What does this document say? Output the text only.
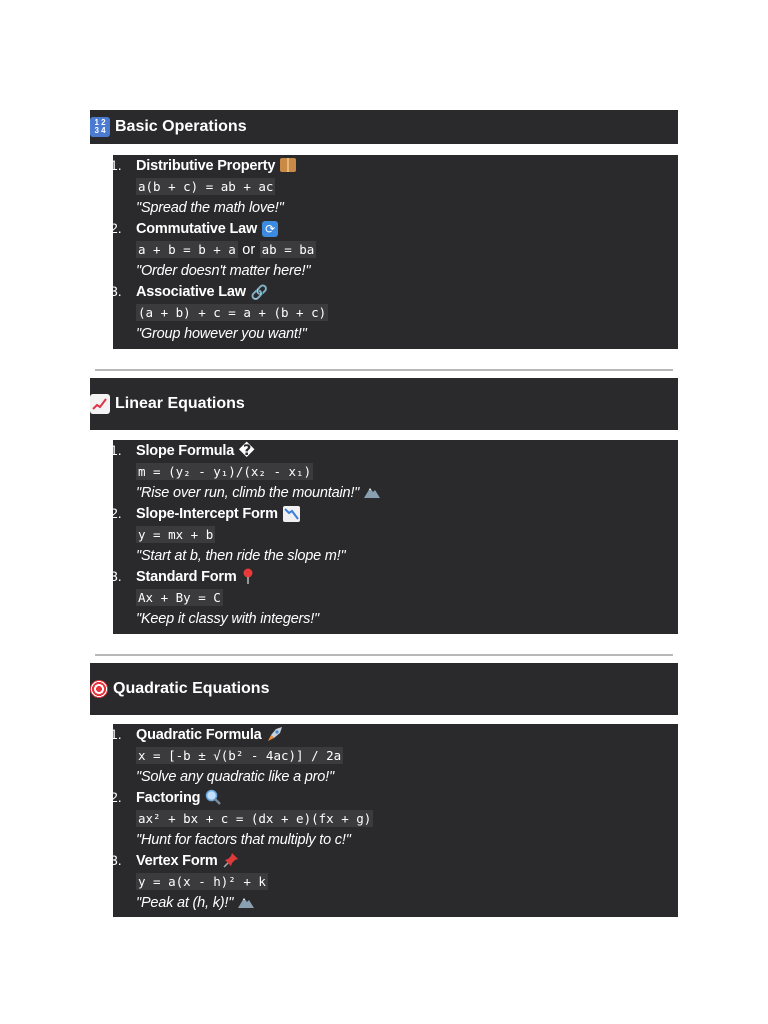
1 2
3 4 Basic Operations
1. Distributive Property
a(b + c) = ab + ac
"Spread the math love!"
2. Commutative Law ⟳
a + b = b + a or ab = ba
"Order doesn't matter here!"
3. Associative Law 🔗
(a + b) + c = a + (b + c)
"Group however you want!"
Linear Equations
1. Slope Formula �
m = (y₂ - y₁)/(x₂ - x₁)
"Rise over run, climb the mountain!"
2. Slope-Intercept Form
y = mx + b
"Start at b, then ride the slope m!"
3. Standard Form
Ax + By = C
"Keep it classy with integers!"
Quadratic Equations
1. Quadratic Formula
x = [-b ± √(b² - 4ac)] / 2a
"Solve any quadratic like a pro!"
2. Factoring
ax² + bx + c = (dx + e)(fx + g)
"Hunt for factors that multiply to c!"
3. Vertex Form
y = a(x - h)² + k
"Peak at (h, k)!"
